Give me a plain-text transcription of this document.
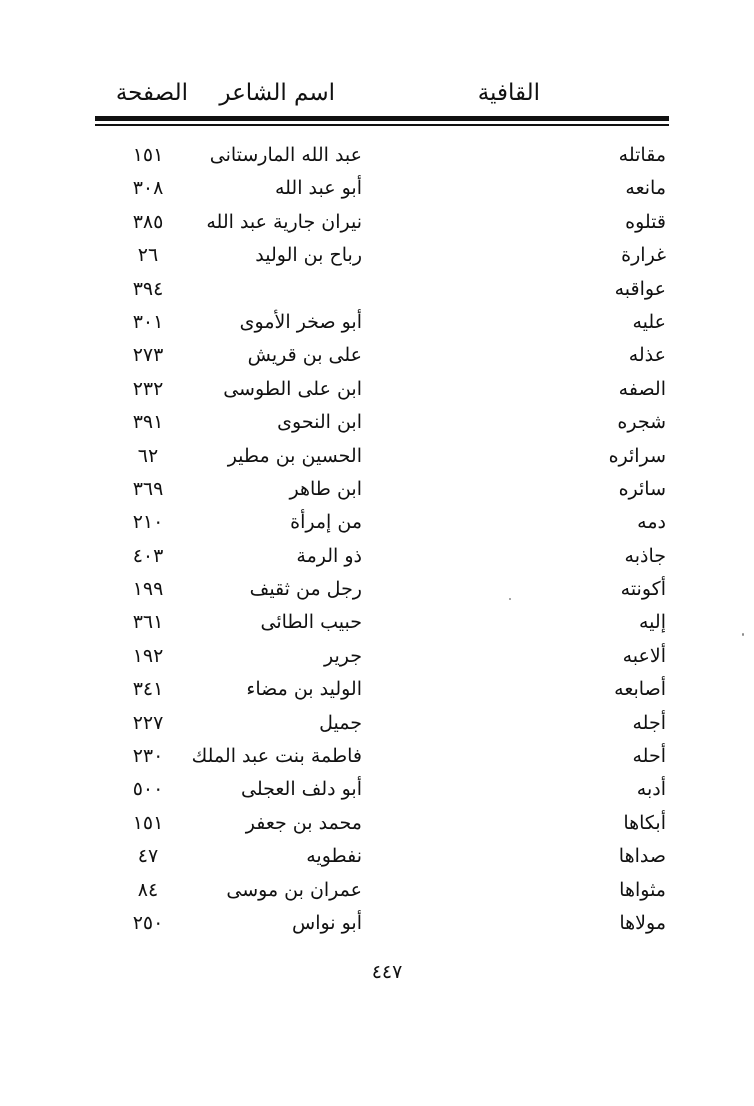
القافية
اسم الشاعر
الصفحة
مقاتله
عبد الله المارستانى
١٥١
مانعه
أبو عبد الله
٣٠٨
قتلوه
نيران جارية عبد الله
٣٨٥
غرارة
رباح بن الوليد
٢٦
عواقبه
٣٩٤
عليه
أبو صخر الأموى
٣٠١
عذله
على بن قريش
٢٧٣
الصفه
ابن على الطوسى
٢٣٢
شجره
ابن النحوى
٣٩١
سرائره
الحسين بن مطير
٦٢
سائره
ابن طاهر
٣٦٩
دمه
من إمرأة
٢١٠
جاذبه
ذو الرمة
٤٠٣
أكونته
رجل من ثقيف
١٩٩
إليه
حبيب الطائى
٣٦١
ألاعبه
جرير
١٩٢
أصابعه
الوليد بن مضاء
٣٤١
أجله
جميل
٢٢٧
أحله
فاطمة بنت عبد الملك
٢٣٠
أدبه
أبو دلف العجلى
٥٠٠
أبكاها
محمد بن جعفر
١٥١
صداها
نفطويه
٤٧
مثواها
عمران بن موسى
٨٤
مولاها
أبو نواس
٢٥٠
٤٤٧
